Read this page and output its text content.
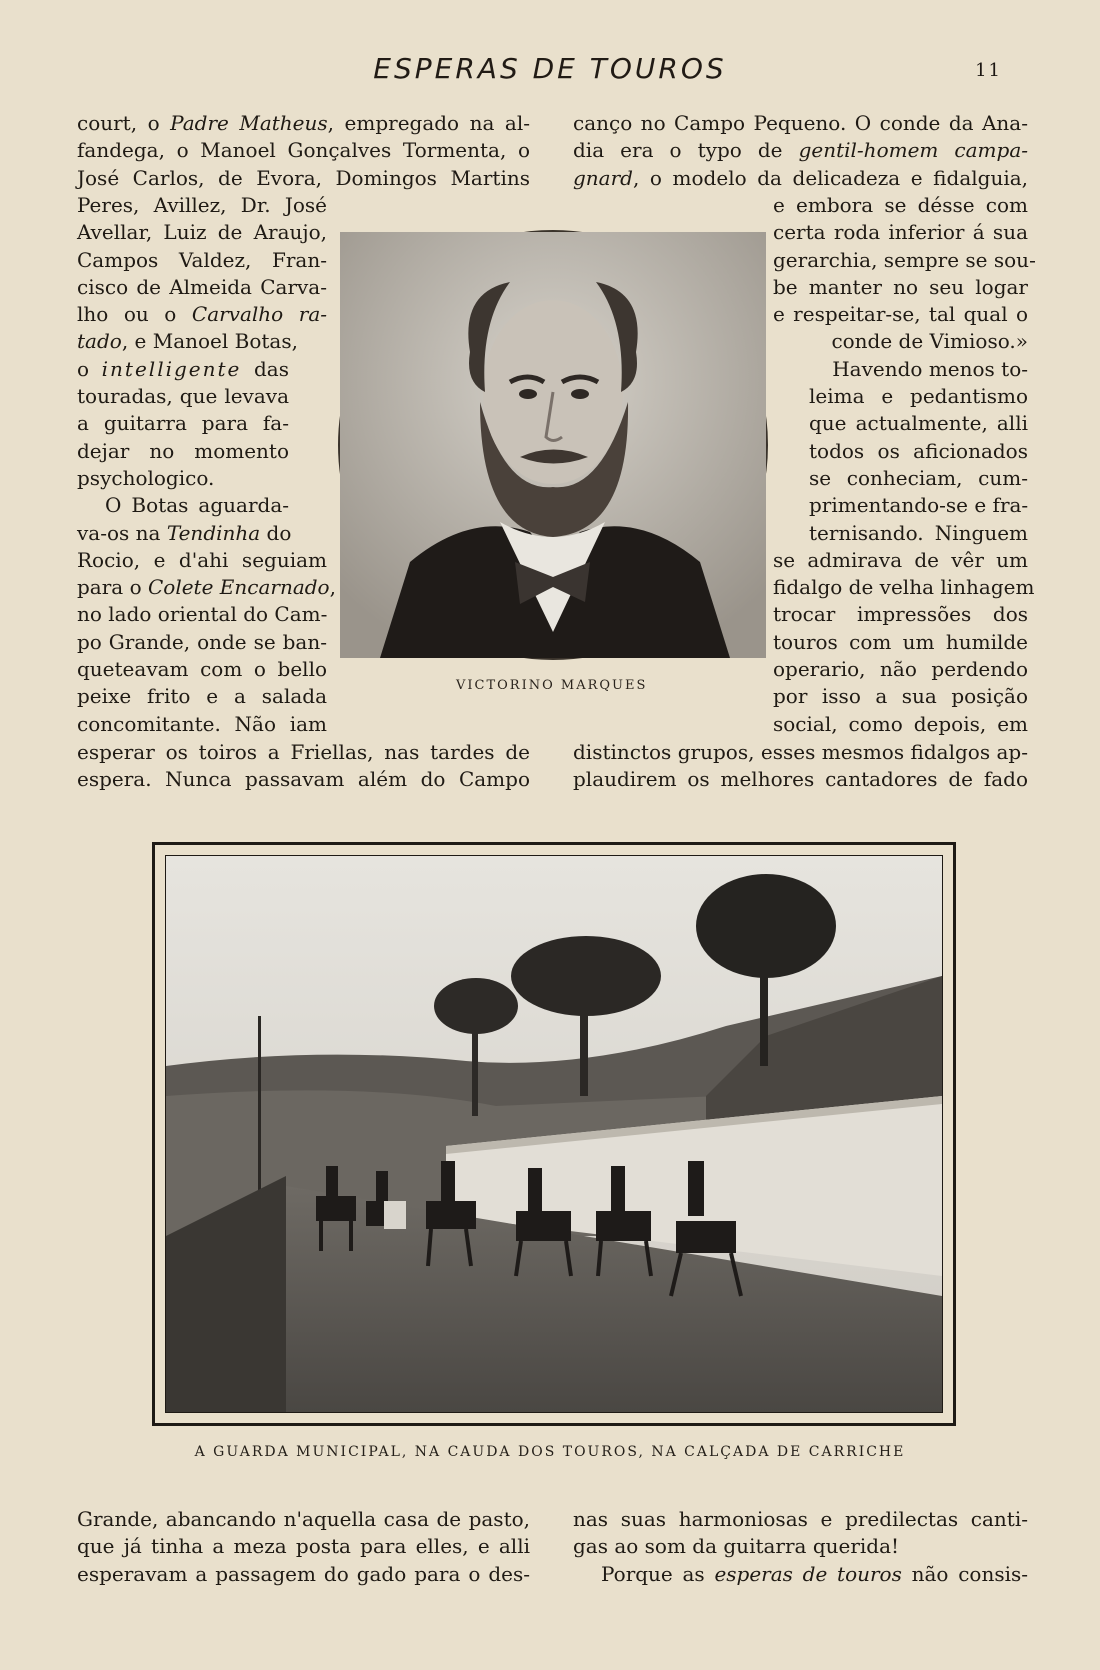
ESPERAS DE TOUROS	11
court, o Padre Matheus, empregado na al-
fandega, o Manoel Gonçalves Tormenta, o
José Carlos, de Evora, Domingos Martins
Peres, Avillez, Dr. José
Avellar, Luiz de Araujo,
Campos Valdez, Fran-
cisco de Almeida Carva-
lho ou o Carvalho ra-
tado, e Manoel Botas,
o intelligente das
touradas, que levava
a guitarra para fa-
dejar no momento
psychologico.
O Botas aguarda-
va-os na Tendinha do
Rocio, e d'ahi seguiam
para o Colete Encarnado,
no lado oriental do Cam-
po Grande, onde se ban-
queteavam com o bello
peixe frito e a salada
concomitante. Não iam
esperar os toiros a Friellas, nas tardes de
espera. Nunca passavam além do Campo
VICTORINO MARQUES
canço no Campo Pequeno. O conde da Ana-
dia era o typo de gentil-homem campa-
gnard, o modelo da delicadeza e fidalguia,
e embora se désse com
certa roda inferior á sua
gerarchia, sempre se sou-
be manter no seu logar
e respeitar-se, tal qual o
conde de Vimioso.»
Havendo menos to-
leima e pedantismo
que actualmente, alli
todos os aficionados
se conheciam, cum-
primentando-se e fra-
ternisando. Ninguem
se admirava de vêr um
fidalgo de velha linhagem
trocar impressões dos
touros com um humilde
operario, não perdendo
por isso a sua posição
social, como depois, em
distinctos grupos, esses mesmos fidalgos ap-
plaudirem os melhores cantadores de fado
A GUARDA MUNICIPAL, NA CAUDA DOS TOUROS, NA CALÇADA DE CARRICHE
Grande, abancando n'aquella casa de pasto,
que já tinha a meza posta para elles, e alli
esperavam a passagem do gado para o des-
nas suas harmoniosas e predilectas canti-
gas ao som da guitarra querida!
Porque as esperas de touros não consis-
